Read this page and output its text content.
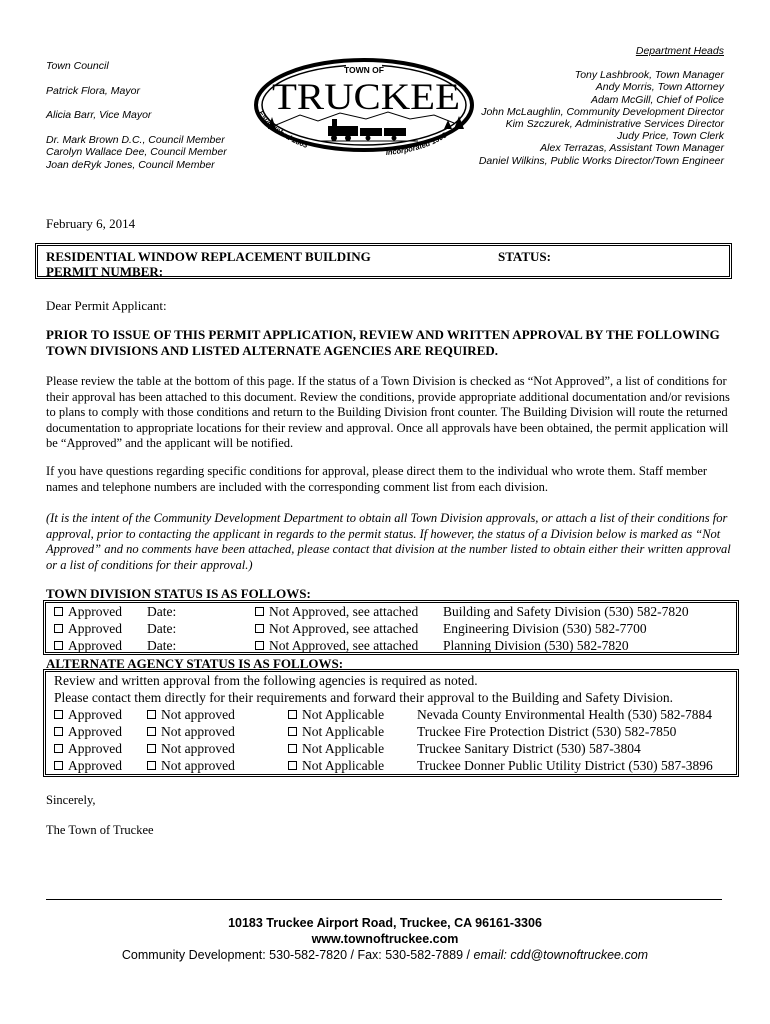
Town Council
Patrick Flora, Mayor
Alicia Barr, Vice Mayor
Dr. Mark Brown D.C., Council Member
Carolyn Wallace Dee, Council Member
Joan deRyk Jones, Council Member
TOWN OF
TRUCKEE
Established 1863
Incorporated 1993
Department Heads
Tony Lashbrook, Town Manager
Andy Morris, Town Attorney
Adam McGill, Chief of Police
John McLaughlin, Community Development Director
Kim Szczurek, Administrative Services Director
Judy Price, Town Clerk
Alex Terrazas, Assistant Town Manager
Daniel Wilkins, Public Works Director/Town Engineer
February 6, 2014
RESIDENTIAL WINDOW REPLACEMENT BUILDING
PERMIT NUMBER:
STATUS:
Dear Permit Applicant:
PRIOR TO ISSUE OF THIS PERMIT APPLICATION, REVIEW AND WRITTEN APPROVAL BY THE FOLLOWING TOWN DIVISIONS AND LISTED ALTERNATE AGENCIES ARE REQUIRED.
Please review the table at the bottom of this page. If the status of a Town Division is checked as “Not Approved”, a list of conditions for their approval has been attached to this document. Review the conditions, provide appropriate additional documentation and/or revisions to plans to comply with those conditions and return to the Building Division front counter. The Building Division will route the returned documentation to appropriate locations for their review and approval. Once all approvals have been obtained, the permit application will be “Approved” and the applicant will be notified.
If you have questions regarding specific conditions for approval, please direct them to the individual who wrote them. Staff member names and telephone numbers are included with the corresponding comment list from each division.
(It is the intent of the Community Development Department to obtain all Town Division approvals, or attach a list of their conditions for approval, prior to contacting the applicant in regards to the permit status. If however, the status of a Division below is marked as “Not Approved” and no comments have been attached, please contact that division at the number listed to obtain either their written approval or a list of conditions for their approval.)
TOWN DIVISION STATUS IS AS FOLLOWS:
Approved Date:	Not Approved, see attached Building and Safety Division (530) 582-7820
Approved Date:	Not Approved, see attached Engineering Division (530) 582-7700
Approved Date:	Not Approved, see attached Planning Division (530) 582-7820
ALTERNATE AGENCY STATUS IS AS FOLLOWS:
Review and written approval from the following agencies is required as noted.
Please contact them directly for their requirements and forward their approval to the Building and Safety Division.
Approved	Not approved	Not Applicable Nevada County Environmental Health (530) 582-7884
Approved	Not approved	Not Applicable Truckee Fire Protection District (530) 582-7850
Approved	Not approved	Not Applicable Truckee Sanitary District (530) 587-3804
Approved	Not approved	Not Applicable Truckee Donner Public Utility District (530) 587-3896
Sincerely,
The Town of Truckee
10183 Truckee Airport Road, Truckee, CA 96161-3306
www.townoftruckee.com
Community Development: 530-582-7820 / Fax: 530-582-7889 / email: cdd@townoftruckee.com
